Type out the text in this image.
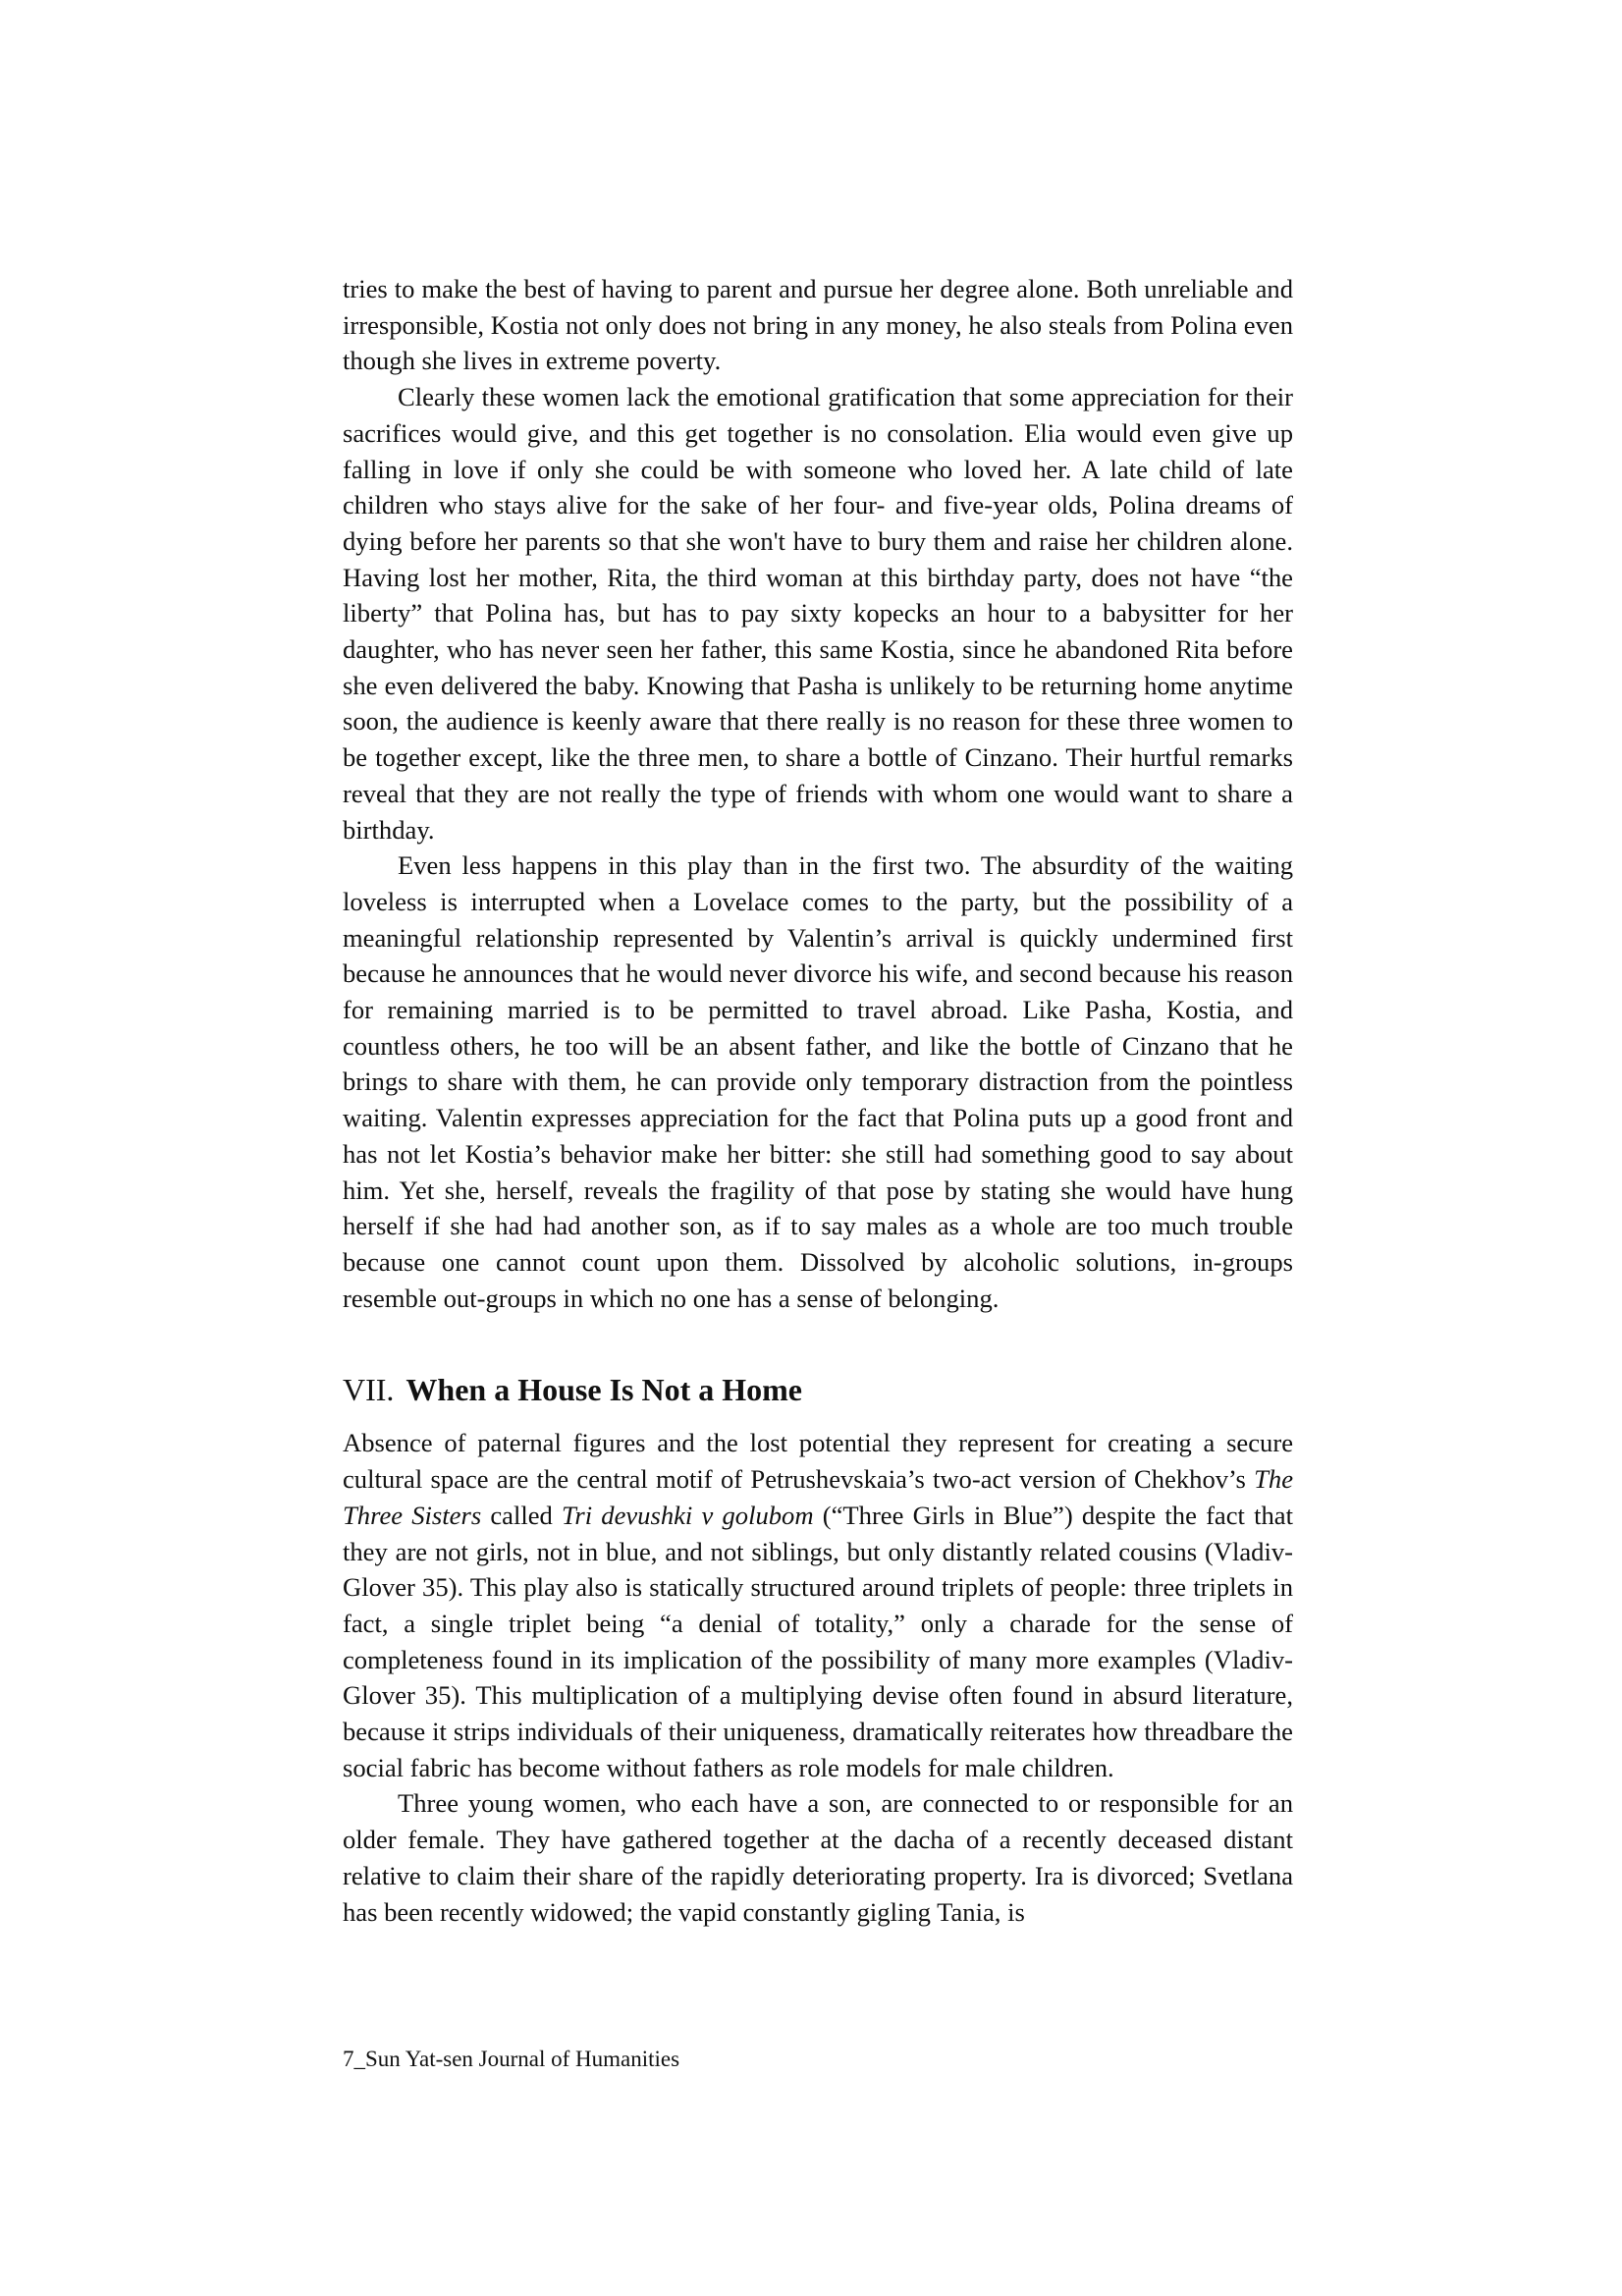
tries to make the best of having to parent and pursue her degree alone. Both unreliable and irresponsible, Kostia not only does not bring in any money, he also steals from Polina even though she lives in extreme poverty.

Clearly these women lack the emotional gratification that some appreciation for their sacrifices would give, and this get together is no consolation. Elia would even give up falling in love if only she could be with someone who loved her. A late child of late children who stays alive for the sake of her four- and five-year olds, Polina dreams of dying before her parents so that she won't have to bury them and raise her children alone. Having lost her mother, Rita, the third woman at this birthday party, does not have “the liberty” that Polina has, but has to pay sixty kopecks an hour to a babysitter for her daughter, who has never seen her father, this same Kostia, since he abandoned Rita before she even delivered the baby. Knowing that Pasha is unlikely to be returning home anytime soon, the audience is keenly aware that there really is no reason for these three women to be together except, like the three men, to share a bottle of Cinzano. Their hurtful remarks reveal that they are not really the type of friends with whom one would want to share a birthday.

Even less happens in this play than in the first two. The absurdity of the waiting loveless is interrupted when a Lovelace comes to the party, but the possibility of a meaningful relationship represented by Valentin’s arrival is quickly undermined first because he announces that he would never divorce his wife, and second because his reason for remaining married is to be permitted to travel abroad. Like Pasha, Kostia, and countless others, he too will be an absent father, and like the bottle of Cinzano that he brings to share with them, he can provide only temporary distraction from the pointless waiting. Valentin expresses appreciation for the fact that Polina puts up a good front and has not let Kostia’s behavior make her bitter: she still had something good to say about him. Yet she, herself, reveals the fragility of that pose by stating she would have hung herself if she had had another son, as if to say males as a whole are too much trouble because one cannot count upon them. Dissolved by alcoholic solutions, in-groups resemble out-groups in which no one has a sense of belonging.

VII. When a House Is Not a Home

Absence of paternal figures and the lost potential they represent for creating a secure cultural space are the central motif of Petrushevskaia’s two-act version of Chekhov’s The Three Sisters called Tri devushki v golubom (“Three Girls in Blue”) despite the fact that they are not girls, not in blue, and not siblings, but only distantly related cousins (Vladiv-Glover 35). This play also is statically structured around triplets of people: three triplets in fact, a single triplet being “a denial of totality,” only a charade for the sense of completeness found in its implication of the possibility of many more examples (Vladiv-Glover 35). This multiplication of a multiplying devise often found in absurd literature, because it strips individuals of their uniqueness, dramatically reiterates how threadbare the social fabric has become without fathers as role models for male children.

Three young women, who each have a son, are connected to or responsible for an older female. They have gathered together at the dacha of a recently deceased distant relative to claim their share of the rapidly deteriorating property. Ira is divorced; Svetlana has been recently widowed; the vapid constantly gigling Tania, is

7_Sun Yat-sen Journal of Humanities
